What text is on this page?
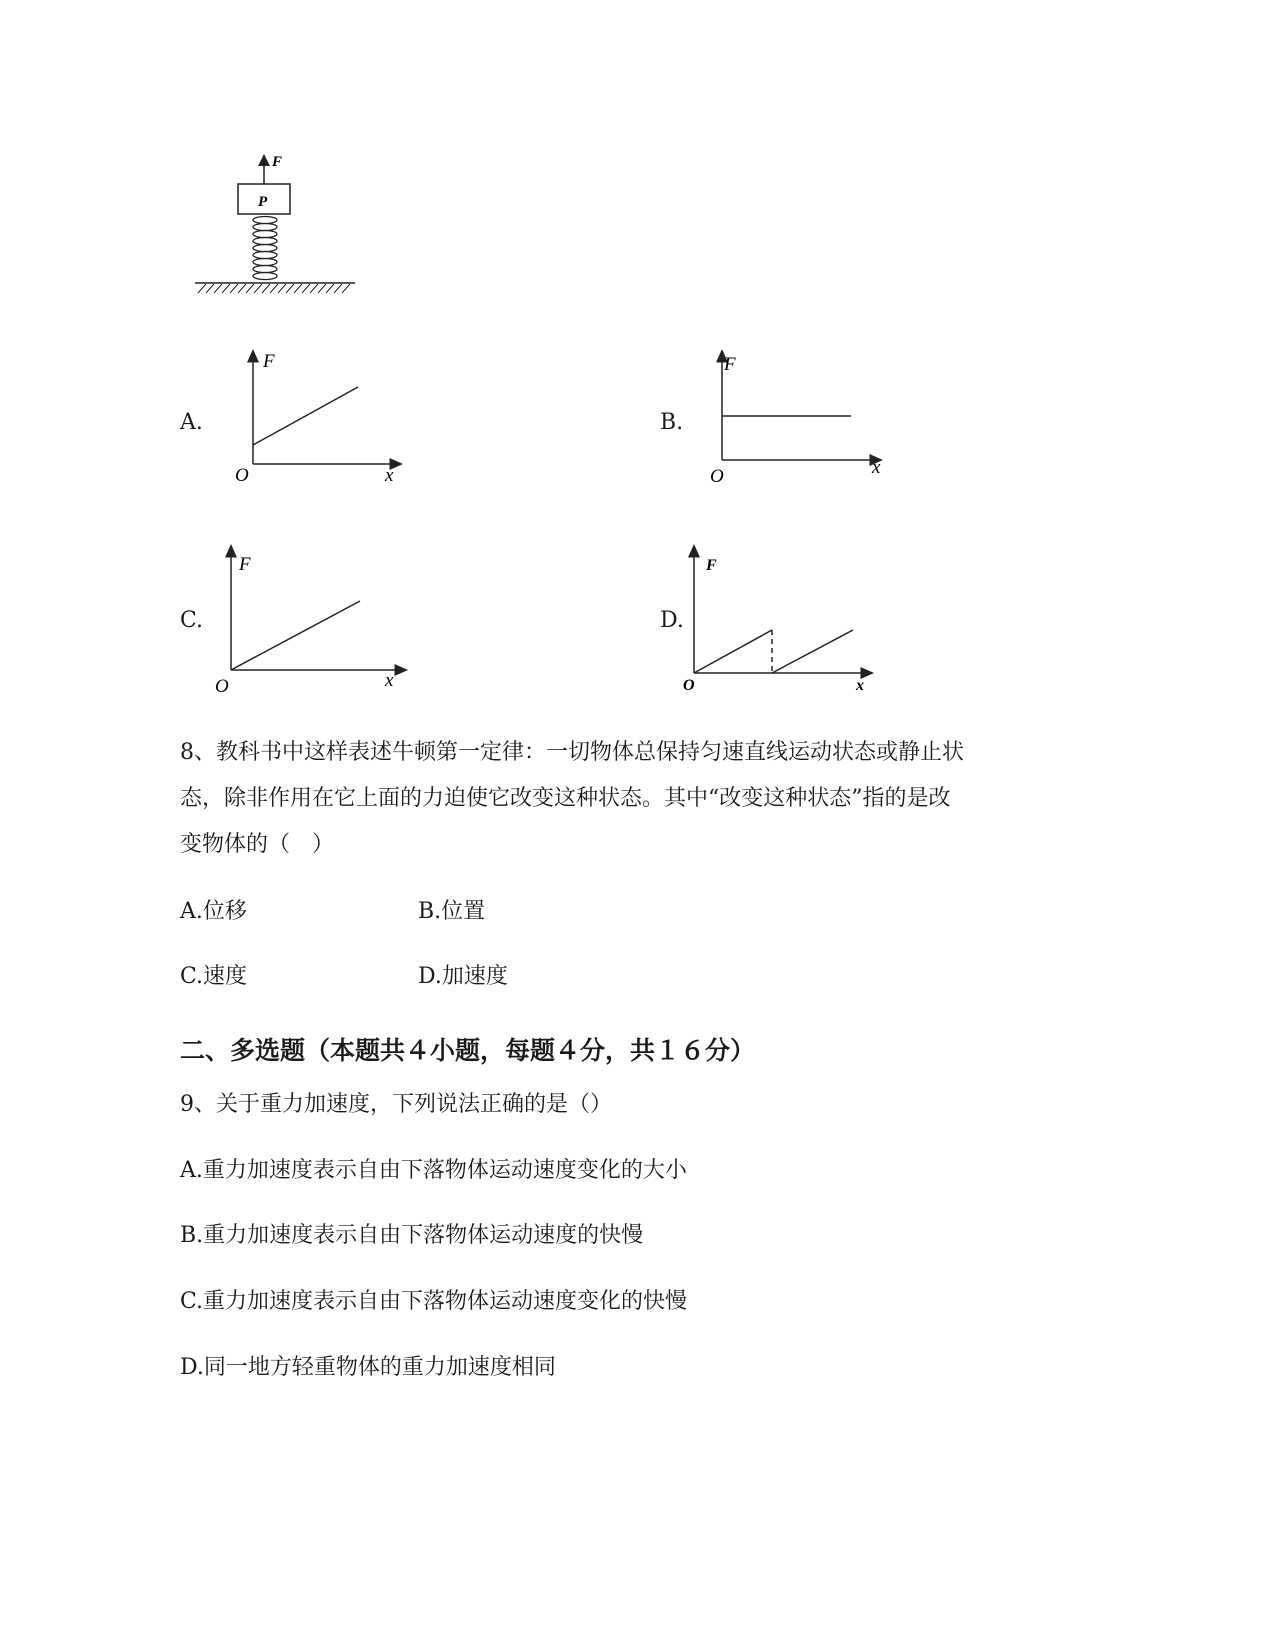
F
P
A.
F
x
O
B.
F
x
O
C.
F
x
O
D.
F
x
O
8、教科书中这样表述牛顿第一定律：一切物体总保持匀速直线运动状态或静止状
态，除非作用在它上面的力迫使它改变这种状态。其中“改变这种状态”指的是改
变物体的（　）
A.位移	B.位置
C.速度	D.加速度
二、多选题（本题共４小题，每题４分，共１６分）
9、关于重力加速度，下列说法正确的是（）
A.重力加速度表示自由下落物体运动速度变化的大小
B.重力加速度表示自由下落物体运动速度的快慢
C.重力加速度表示自由下落物体运动速度变化的快慢
D.同一地方轻重物体的重力加速度相同
